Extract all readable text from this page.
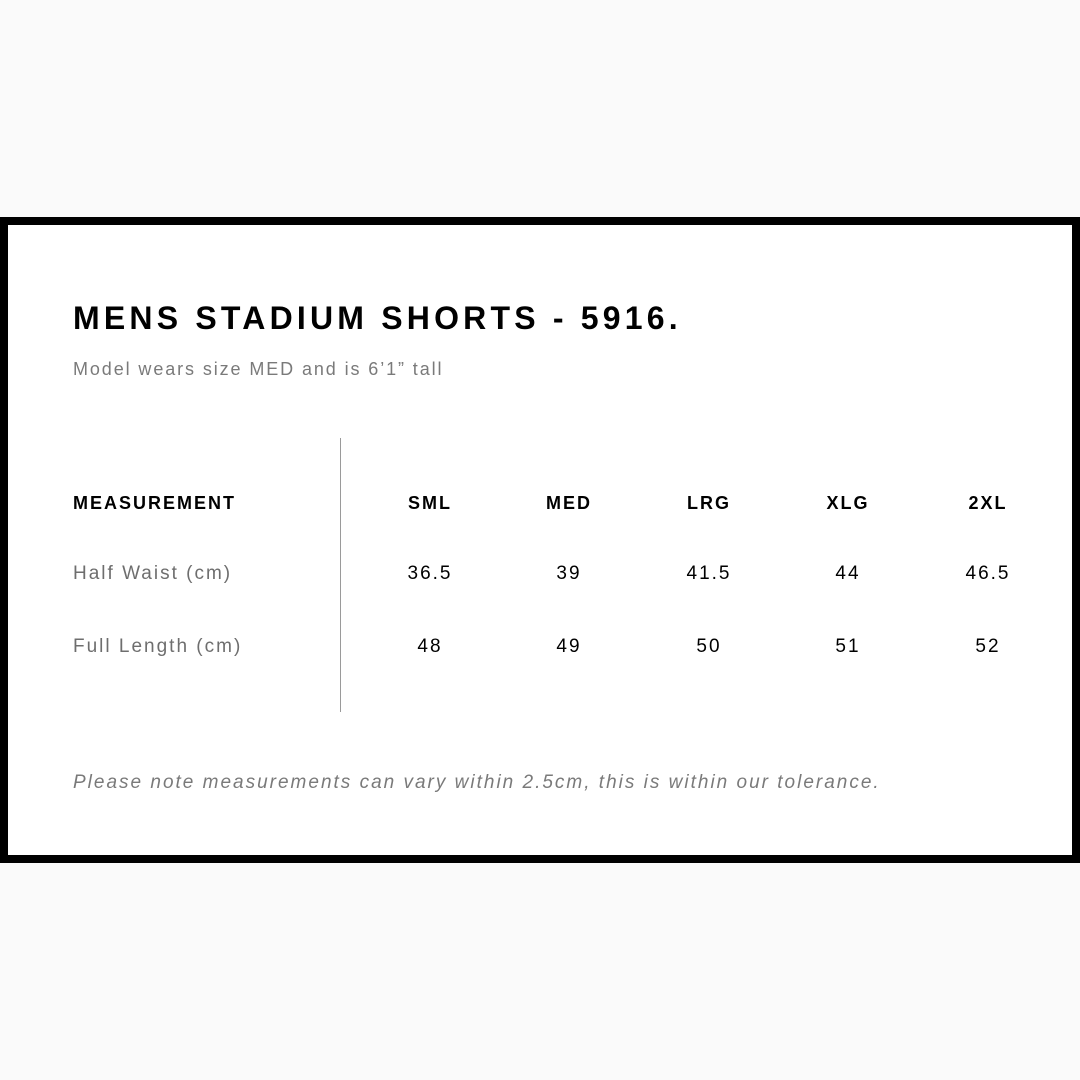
MENS STADIUM SHORTS - 5916.
Model wears size MED and is 6’1” tall
MEASUREMENT	SML	MED	LRG	XLG	2XL
Half Waist (cm)	36.5	39	41.5	44	46.5
Full Length (cm)	48	49	50	51	52
Please note measurements can vary within 2.5cm, this is within our tolerance.
